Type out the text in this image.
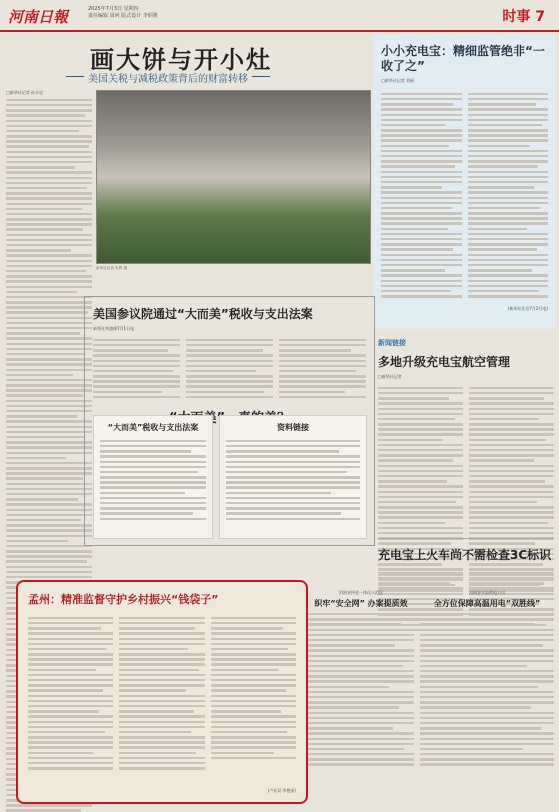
河南日報	2025年7月3日 星期四
责任编辑 周珂 版式设计 李炳骏	时事 7
画大饼与开小灶
美国关税与减税政策背后的财富转移
□新华社记者 孙丰岩
新华社记者 朱辉 摄
小小充电宝：精细监管绝非“一收了之”
□新华社记者 刘硕
(新华社北京7月2日电)
新闻链接
多地升级充电宝航空管理
□新华社记者
充电宝上火车尚不需检查3C标识
美国参议院通过“大而美”税收与支出法案
新华社华盛顿7月1日电
“大而美”税收与支出法案	资料链接
孟州：精准监督守护乡村振兴“钱袋子”
(卢亚双 李艳丽)
消防宣传进一体化示范区
织牢“安全网” 办案提质效
国网安丰县供电公司
全方位保障高温用电“双胜线”
